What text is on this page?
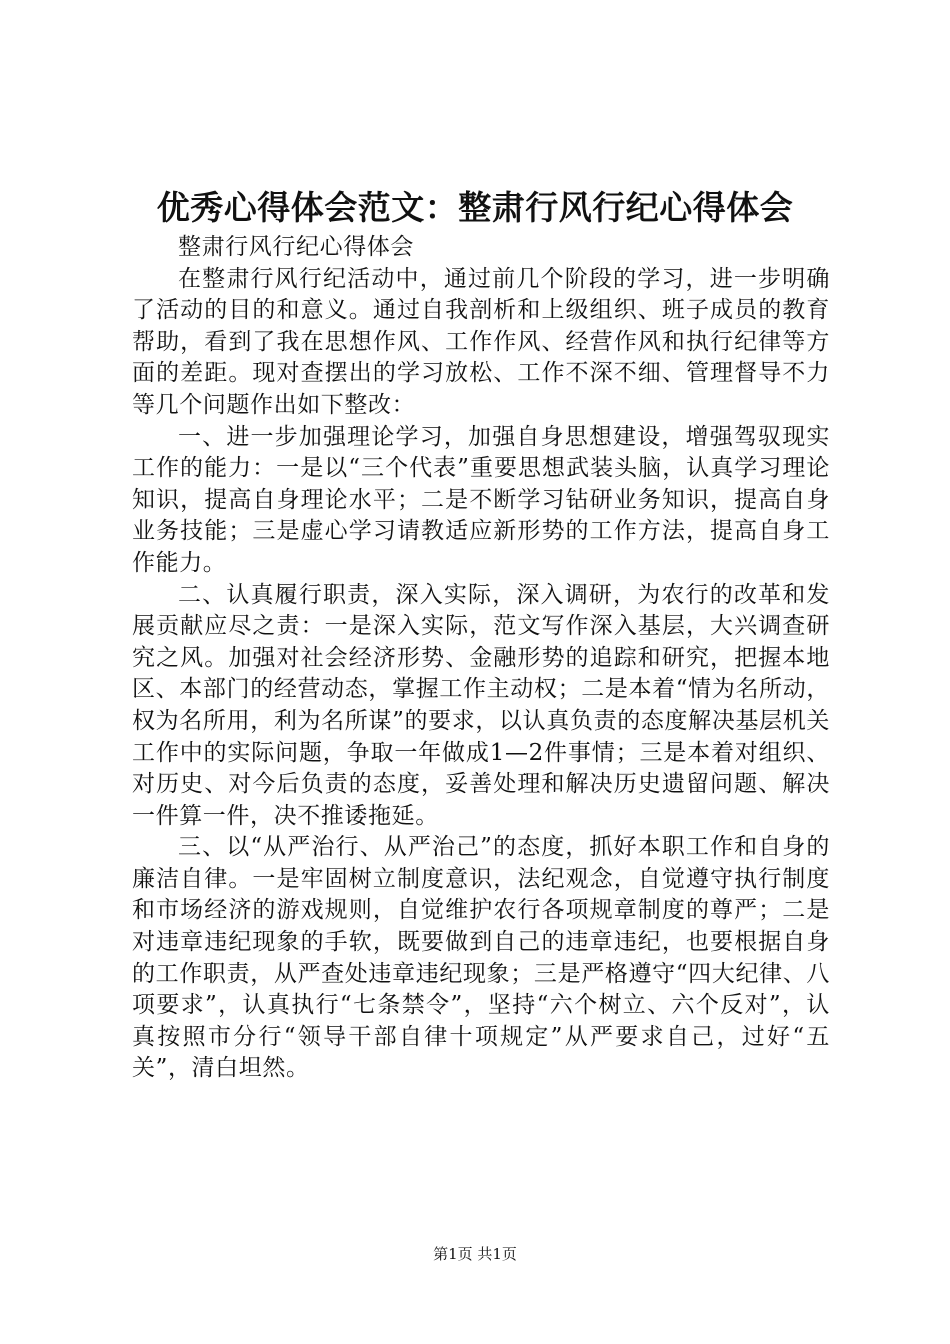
优秀心得体会范文：整肃行风行纪心得体会

整肃行风行纪心得体会

在整肃行风行纪活动中，通过前几个阶段的学习，进一步明确了活动的目的和意义。通过自我剖析和上级组织、班子成员的教育帮助，看到了我在思想作风、工作作风、经营作风和执行纪律等方面的差距。现对查摆出的学习放松、工作不深不细、管理督导不力等几个问题作出如下整改：

一、进一步加强理论学习，加强自身思想建设，增强驾驭现实工作的能力：一是以“三个代表”重要思想武装头脑，认真学习理论知识，提高自身理论水平；二是不断学习钻研业务知识，提高自身业务技能；三是虚心学习请教适应新形势的工作方法，提高自身工作能力。

二、认真履行职责，深入实际，深入调研，为农行的改革和发展贡献应尽之责：一是深入实际，范文写作深入基层，大兴调查研究之风。加强对社会经济形势、金融形势的追踪和研究，把握本地区、本部门的经营动态，掌握工作主动权；二是本着“情为名所动，权为名所用，利为名所谋”的要求，以认真负责的态度解决基层机关工作中的实际问题，争取一年做成1—2件事情；三是本着对组织、对历史、对今后负责的态度，妥善处理和解决历史遗留问题、解决一件算一件，决不推诿拖延。

三、以“从严治行、从严治己”的态度，抓好本职工作和自身的廉洁自律。一是牢固树立制度意识，法纪观念，自觉遵守执行制度和市场经济的游戏规则，自觉维护农行各项规章制度的尊严；二是对违章违纪现象的手软，既要做到自己的违章违纪，也要根据自身的工作职责，从严查处违章违纪现象；三是严格遵守“四大纪律、八项要求”，认真执行“七条禁令”，坚持“六个树立、六个反对”，认真按照市分行“领导干部自律十项规定”从严要求自己，过好“五关”，清白坦然。

第1页 共1页
